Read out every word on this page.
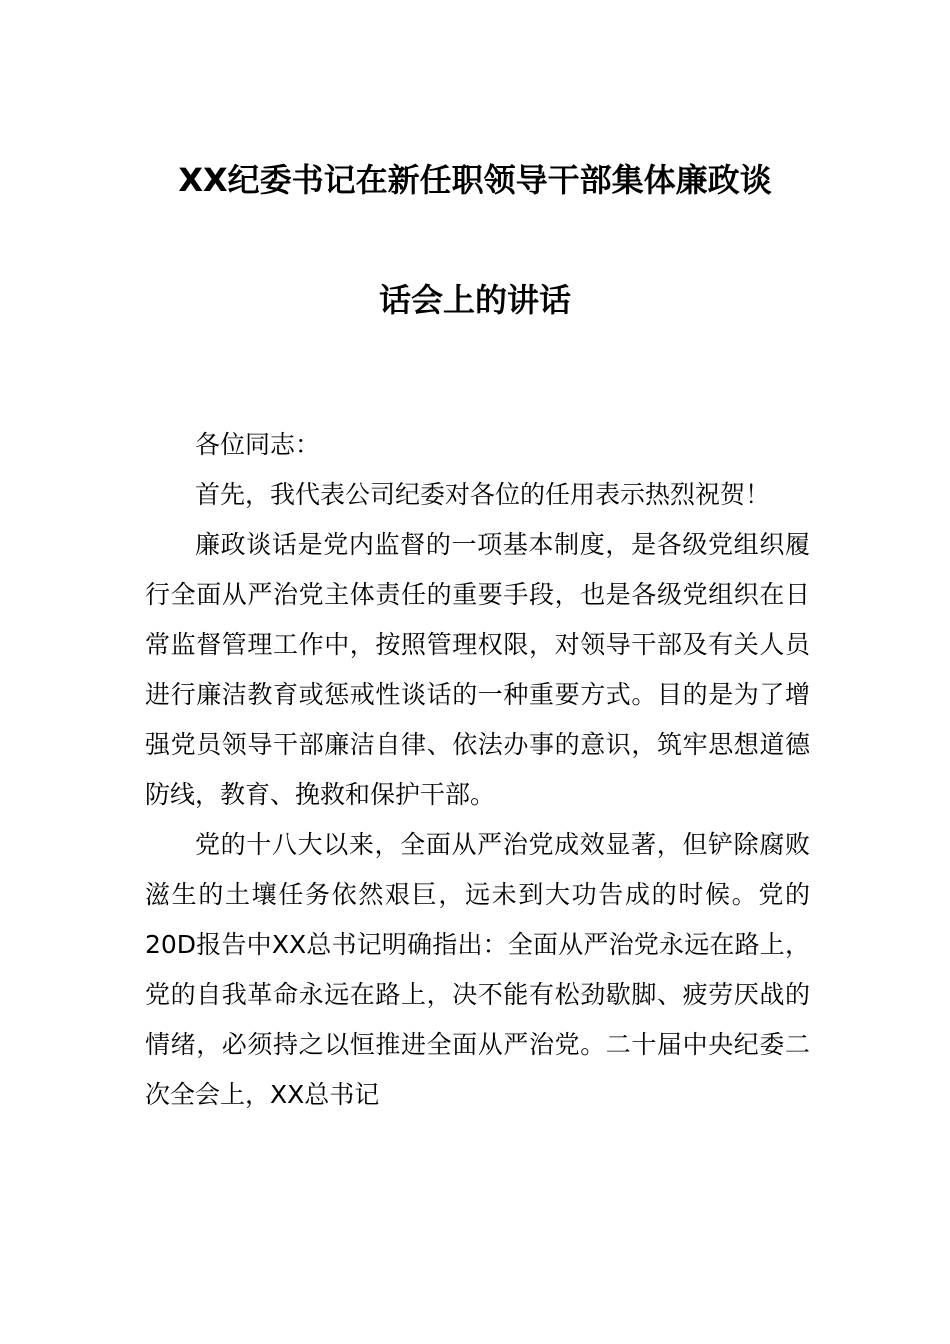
XX纪委书记在新任职领导干部集体廉政谈
话会上的讲话

各位同志：

首先，我代表公司纪委对各位的任用表示热烈祝贺！

廉政谈话是党内监督的一项基本制度，是各级党组织履行全面从严治党主体责任的重要手段，也是各级党组织在日常监督管理工作中，按照管理权限，对领导干部及有关人员进行廉洁教育或惩戒性谈话的一种重要方式。目的是为了增强党员领导干部廉洁自律、依法办事的意识，筑牢思想道德防线，教育、挽救和保护干部。

党的十八大以来，全面从严治党成效显著，但铲除腐败滋生的土壤任务依然艰巨，远未到大功告成的时候。党的20D报告中XX总书记明确指出：全面从严治党永远在路上，党的自我革命永远在路上，决不能有松劲歇脚、疲劳厌战的情绪，必须持之以恒推进全面从严治党。二十届中央纪委二次全会上，XX总书记
